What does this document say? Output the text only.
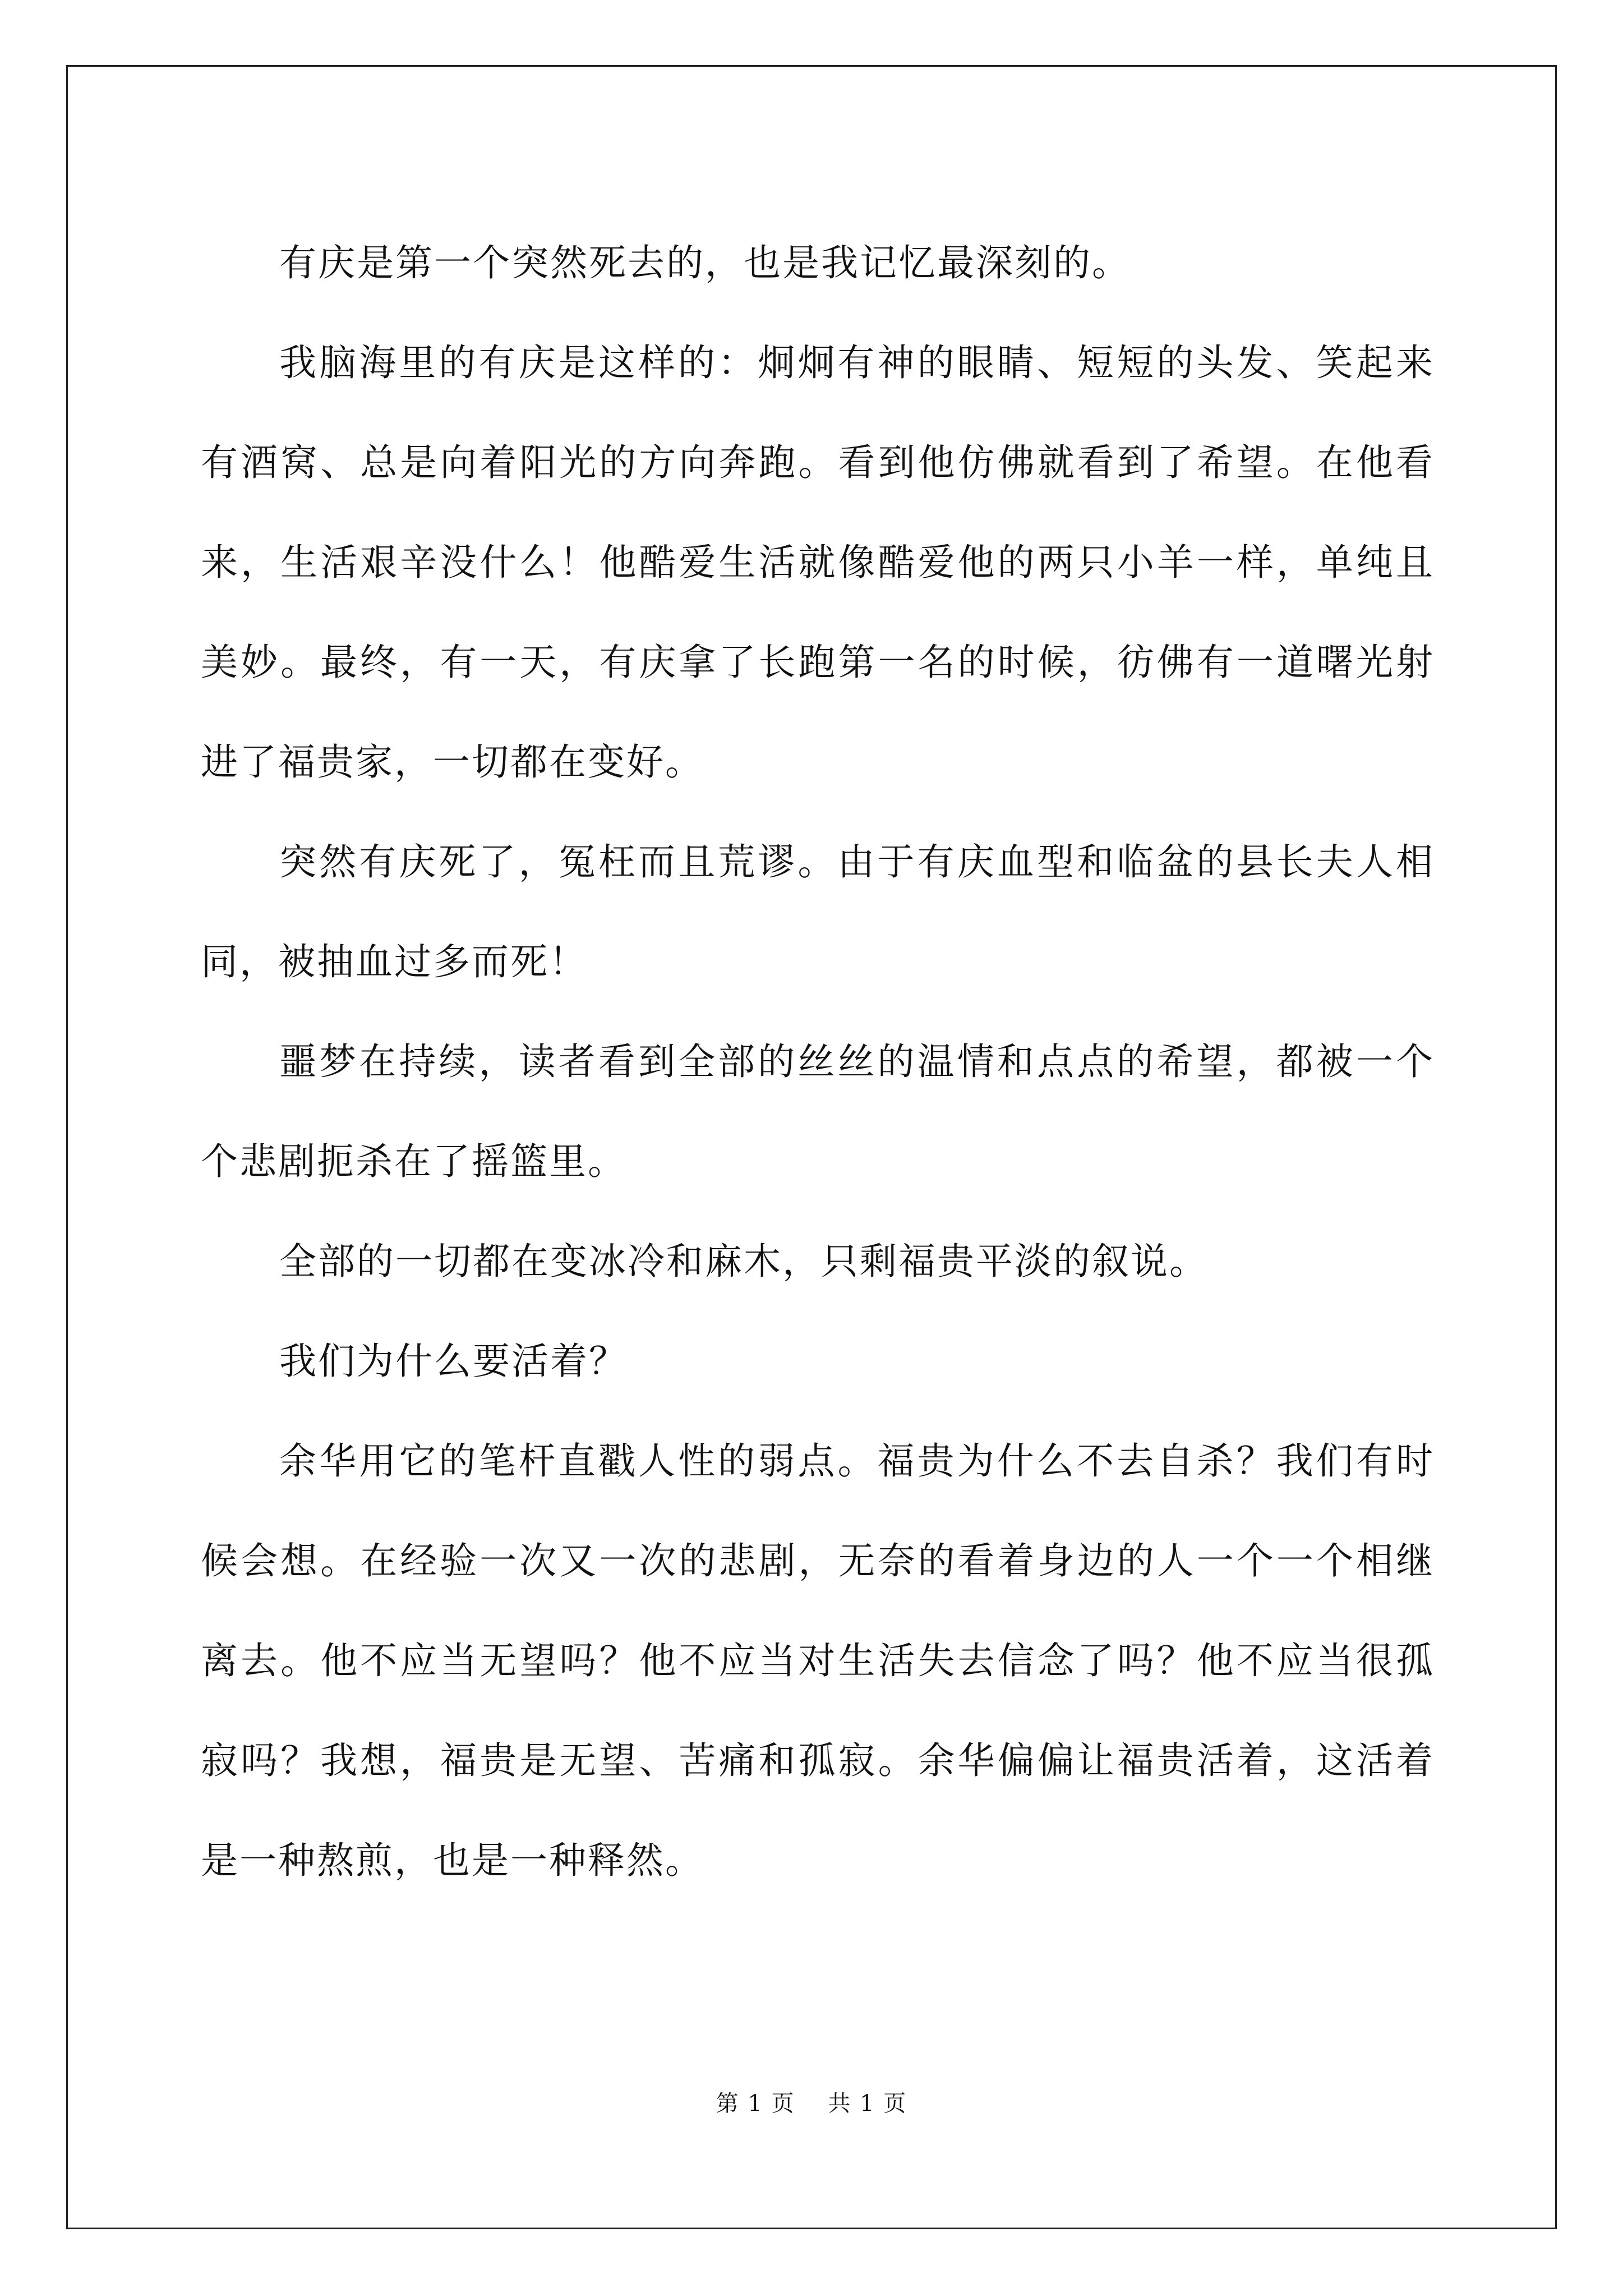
有庆是第一个突然死去的，也是我记忆最深刻的。

我脑海里的有庆是这样的：炯炯有神的眼睛、短短的头发、笑起来有酒窝、总是向着阳光的方向奔跑。看到他仿佛就看到了希望。在他看来，生活艰辛没什么！他酷爱生活就像酷爱他的两只小羊一样，单纯且美妙。最终，有一天，有庆拿了长跑第一名的时候，彷佛有一道曙光射进了福贵家，一切都在变好。

突然有庆死了，冤枉而且荒谬。由于有庆血型和临盆的县长夫人相同，被抽血过多而死！

噩梦在持续，读者看到全部的丝丝的温情和点点的希望，都被一个个悲剧扼杀在了摇篮里。

全部的一切都在变冰冷和麻木，只剩福贵平淡的叙说。

我们为什么要活着？

余华用它的笔杆直戳人性的弱点。福贵为什么不去自杀？我们有时候会想。在经验一次又一次的悲剧，无奈的看着身边的人一个一个相继离去。他不应当无望吗？他不应当对生活失去信念了吗？他不应当很孤寂吗？我想，福贵是无望、苦痛和孤寂。余华偏偏让福贵活着，这活着是一种熬煎，也是一种释然。

第 1 页    共 1 页
